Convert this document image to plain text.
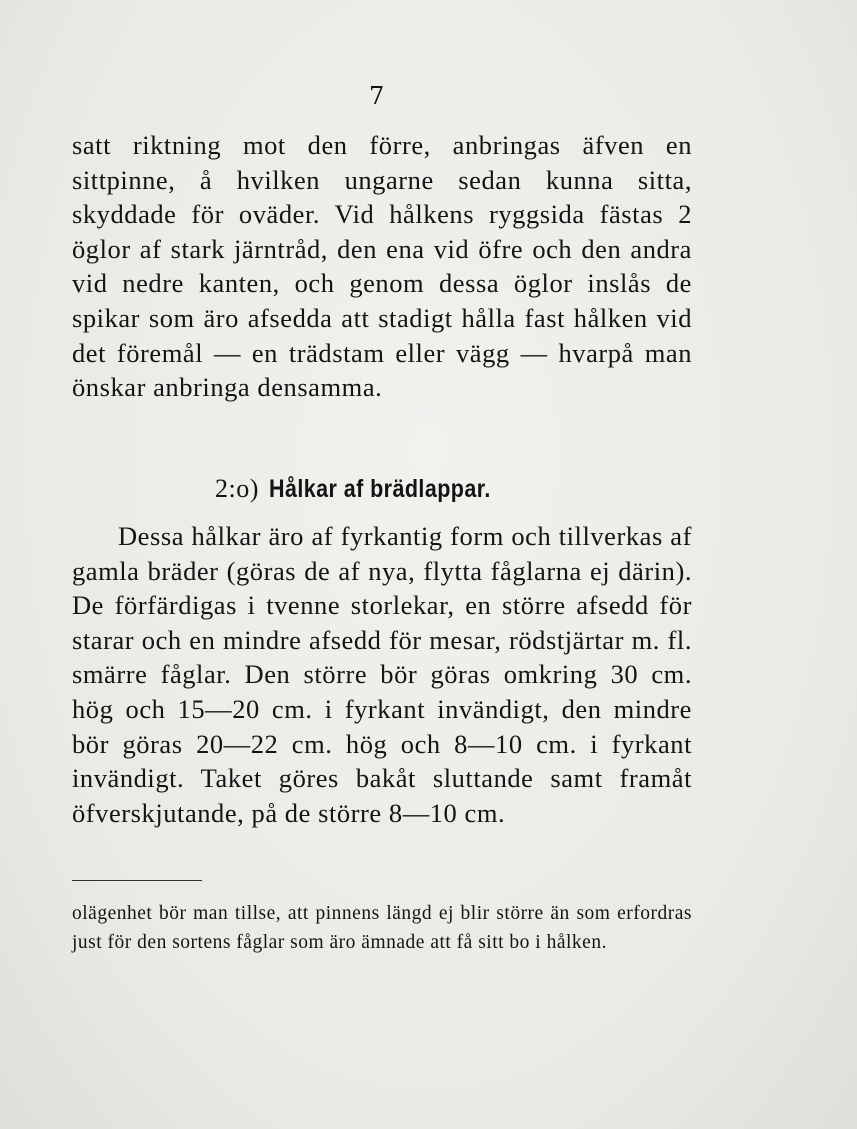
7

satt riktning mot den förre, anbringas äfven en sittpinne, å hvilken ungarne sedan kunna sitta, skyddade för oväder. Vid hålkens ryggsida fästas 2 öglor af stark järntråd, den ena vid öfre och den andra vid nedre kanten, och genom dessa öglor inslås de spikar som äro afsedda att stadigt hålla fast hålken vid det föremål — en trädstam eller vägg — hvarpå man önskar anbringa densamma.

2:o) Hålkar af brädlappar.

Dessa hålkar äro af fyrkantig form och tillverkas af gamla bräder (göras de af nya, flytta fåglarna ej därin). De förfärdigas i tvenne storlekar, en större afsedd för starar och en mindre afsedd för mesar, rödstjärtar m. fl. smärre fåglar. Den större bör göras omkring 30 cm. hög och 15—20 cm. i fyrkant invändigt, den mindre bör göras 20—22 cm. hög och 8—10 cm. i fyrkant invändigt. Taket göres bakåt sluttande samt framåt öfverskjutande, på de större 8—10 cm.

olägenhet bör man tillse, att pinnens längd ej blir större än som erfordras just för den sortens fåglar som äro ämnade att få sitt bo i hålken.
